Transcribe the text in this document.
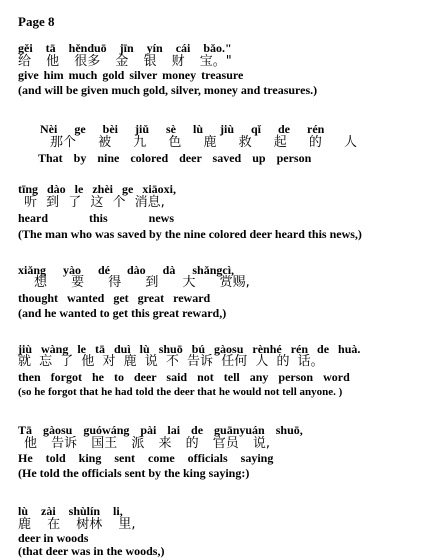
Page 8
gěi tā hěnduō jīn yín cái bǎo."
给 他 很多 金 银 财 宝。"
give him much gold silver money treasure
(and will be given much gold, silver, money and treasures.)
Nèi ge bèi jiǔ sè lù jiù qǐ de rén
那个 被 九 色 鹿 救 起 的 人
That by nine colored deer saved up person
tīng dào le zhèi ge xiāoxi,
听 到 了 这 个 消息,
heard this news
(The man who was saved by the nine colored deer heard this news,)
xiǎng yào dé dào dà shǎngcì,
想 要 得 到 大 赏赐,
thought wanted get great reward
(and he wanted to get this great reward,)
jiù wàng le tā duì lù shuō bú gàosu rènhé rén de huà.
就 忘 了 他 对 鹿 说 不 告诉 任何 人 的 话。
then forgot he to deer said not tell any person word
(so he forgot that he had told the deer that he would not tell anyone. )
Tā gàosu guówáng pài lai de guānyuán shuō,
他 告诉 国王 派 来 的 官员 说,
He told king sent come officials saying
(He told the officials sent by the king saying:)
lù zài shùlín li,
鹿 在 树林 里,
deer in woods
(that deer was in the woods,)
